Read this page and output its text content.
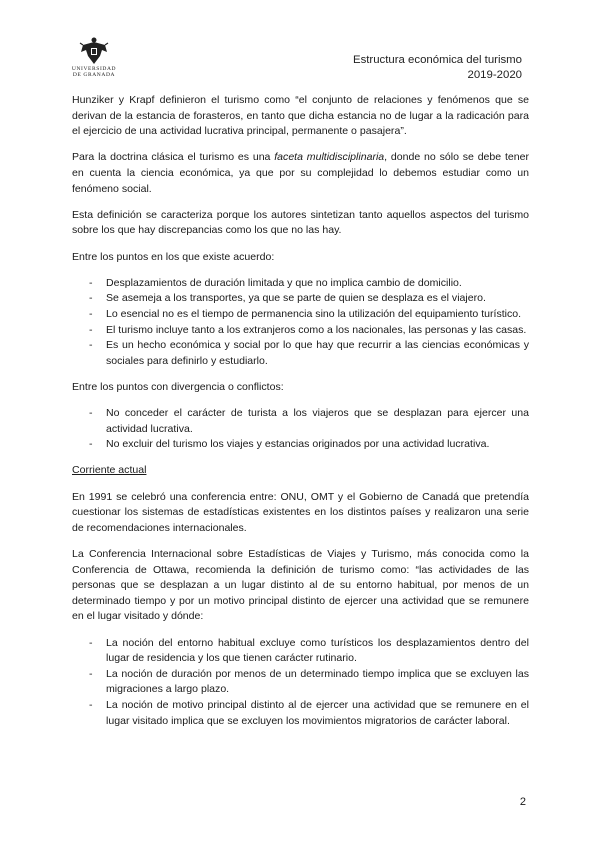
UNIVERSIDAD
DE GRANADA
Estructura económica del turismo
2019-2020

Hunziker y Krapf definieron el turismo como “el conjunto de relaciones y fenómenos que se derivan de la estancia de forasteros, en tanto que dicha estancia no de lugar a la radicación para el ejercicio de una actividad lucrativa principal, permanente o pasajera”.

Para la doctrina clásica el turismo es una faceta multidisciplinaria, donde no sólo se debe tener en cuenta la ciencia económica, ya que por su complejidad lo debemos estudiar como un fenómeno social.

Esta definición se caracteriza porque los autores sintetizan tanto aquellos aspectos del turismo sobre los que hay discrepancias como los que no las hay.

Entre los puntos en los que existe acuerdo:

- Desplazamientos de duración limitada y que no implica cambio de domicilio.
- Se asemeja a los transportes, ya que se parte de quien se desplaza es el viajero.
- Lo esencial no es el tiempo de permanencia sino la utilización del equipamiento turístico.
- El turismo incluye tanto a los extranjeros como a los nacionales, las personas y las casas.
- Es un hecho económica y social por lo que hay que recurrir a las ciencias económicas y sociales para definirlo y estudiarlo.

Entre los puntos con divergencia o conflictos:

- No conceder el carácter de turista a los viajeros que se desplazan para ejercer una actividad lucrativa.
- No excluir del turismo los viajes y estancias originados por una actividad lucrativa.

Corriente actual

En 1991 se celebró una conferencia entre: ONU, OMT y el Gobierno de Canadá que pretendía cuestionar los sistemas de estadísticas existentes en los distintos países y realizaron una serie de recomendaciones internacionales.

La Conferencia Internacional sobre Estadísticas de Viajes y Turismo, más conocida como la Conferencia de Ottawa, recomienda la definición de turismo como: “las actividades de las personas que se desplazan a un lugar distinto al de su entorno habitual, por menos de un determinado tiempo y por un motivo principal distinto de ejercer una actividad que se remunere en el lugar visitado y dónde:

- La noción del entorno habitual excluye como turísticos los desplazamientos dentro del lugar de residencia y los que tienen carácter rutinario.
- La noción de duración por menos de un determinado tiempo implica que se excluyen las migraciones a largo plazo.
- La noción de motivo principal distinto al de ejercer una actividad que se remunere en el lugar visitado implica que se excluyen los movimientos migratorios de carácter laboral.
2
